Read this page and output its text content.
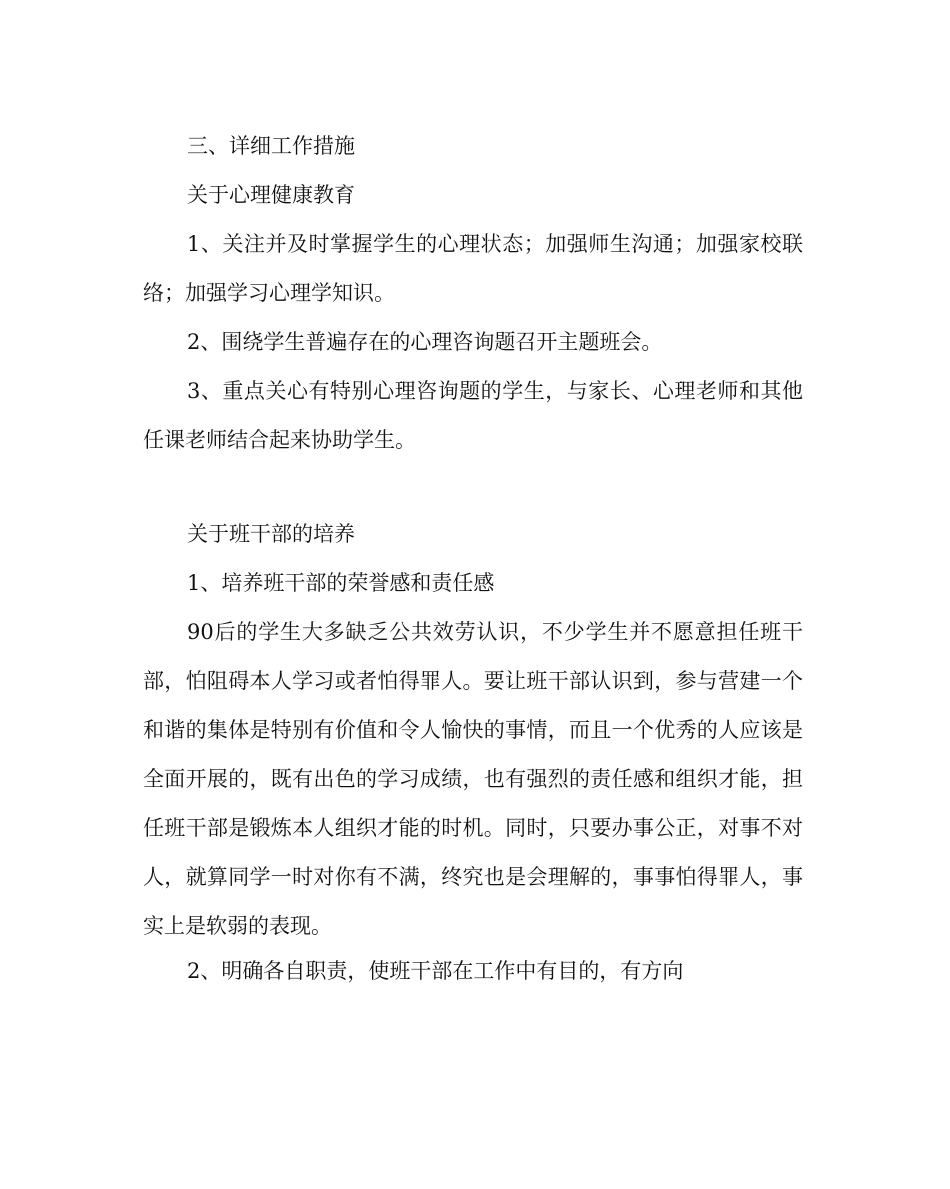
三、详细工作措施

关于心理健康教育

1、关注并及时掌握学生的心理状态；加强师生沟通；加强家校联络；加强学习心理学知识。

2、围绕学生普遍存在的心理咨询题召开主题班会。

3、重点关心有特别心理咨询题的学生，与家长、心理老师和其他任课老师结合起来协助学生。

关于班干部的培养

1、培养班干部的荣誉感和责任感

90后的学生大多缺乏公共效劳认识，不少学生并不愿意担任班干部，怕阻碍本人学习或者怕得罪人。要让班干部认识到，参与营建一个和谐的集体是特别有价值和令人愉快的事情，而且一个优秀的人应该是全面开展的，既有出色的学习成绩，也有强烈的责任感和组织才能，担任班干部是锻炼本人组织才能的时机。同时，只要办事公正，对事不对人，就算同学一时对你有不满，终究也是会理解的，事事怕得罪人，事实上是软弱的表现。

2、明确各自职责，使班干部在工作中有目的，有方向
